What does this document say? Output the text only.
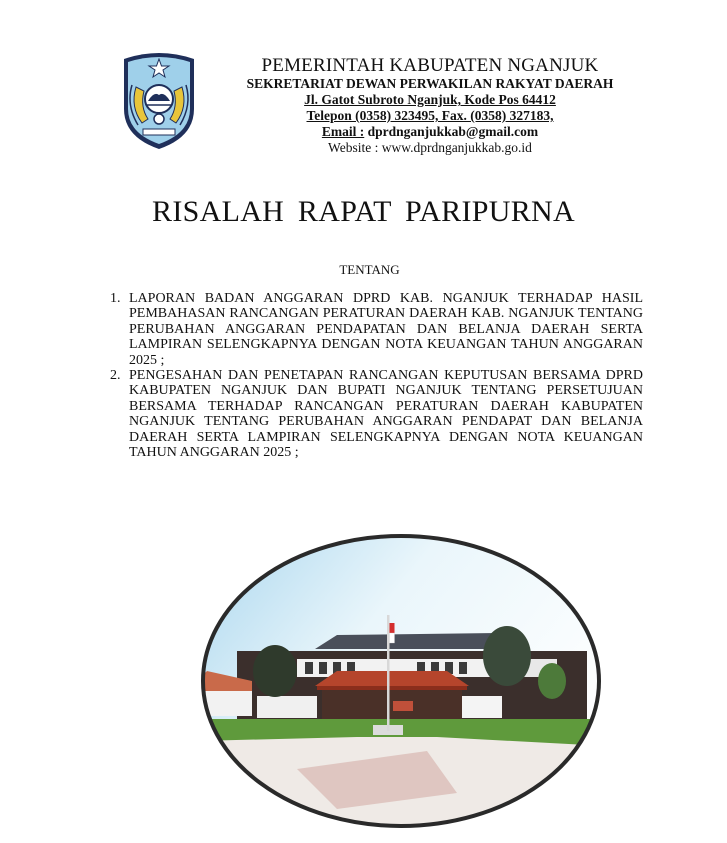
PEMERINTAH KABUPATEN NGANJUK
SEKRETARIAT DEWAN PERWAKILAN RAKYAT DAERAH
Jl. Gatot Subroto Nganjuk, Kode Pos 64412
Telepon (0358) 323495, Fax. (0358) 327183,
Email : dprdnganjukkab@gmail.com
Website : www.dprdnganjukkab.go.id
RISALAH RAPAT PARIPURNA
TENTANG
1. LAPORAN BADAN ANGGARAN DPRD KAB. NGANJUK TERHADAP HASIL PEMBAHASAN RANCANGAN PERATURAN DAERAH KAB. NGANJUK TENTANG PERUBAHAN ANGGARAN PENDAPATAN DAN BELANJA DAERAH SERTA LAMPIRAN SELENGKAPNYA DENGAN NOTA KEUANGAN TAHUN ANGGARAN 2025 ;
2. PENGESAHAN DAN PENETAPAN RANCANGAN KEPUTUSAN BERSAMA DPRD KABUPATEN NGANJUK DAN BUPATI NGANJUK TENTANG PERSETUJUAN BERSAMA TERHADAP RANCANGAN PERATURAN DAERAH KABUPATEN NGANJUK TENTANG PERUBAHAN ANGGARAN PENDAPAT DAN BELANJA DAERAH SERTA LAMPIRAN SELENGKAPNYA DENGAN NOTA KEUANGAN TAHUN ANGGARAN 2025 ;
